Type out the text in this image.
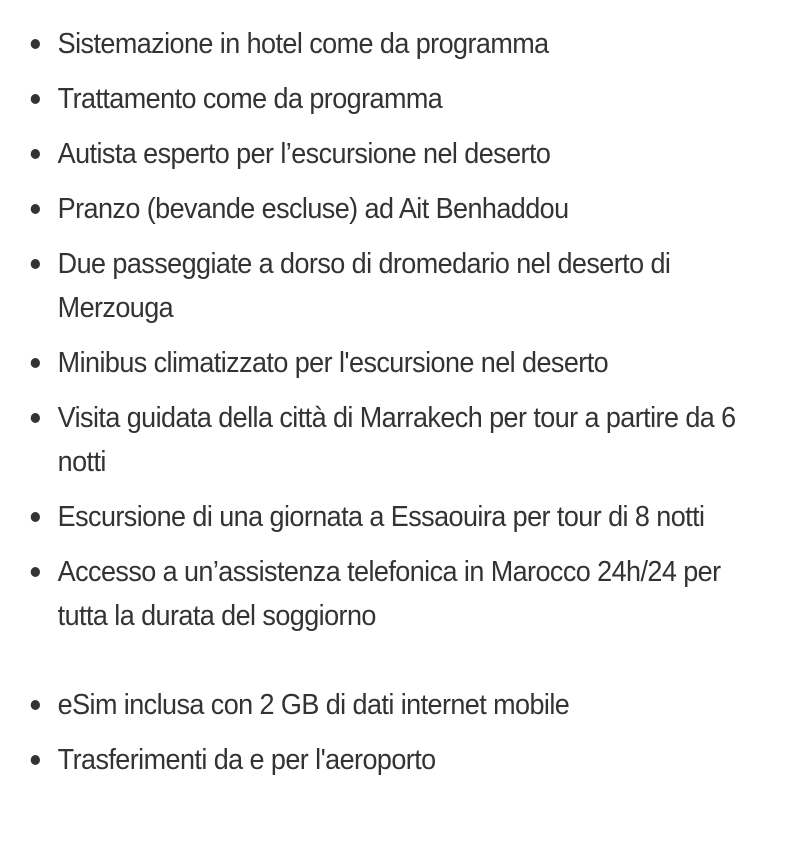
Sistemazione in hotel come da programma
Trattamento come da programma
Autista esperto per l’escursione nel deserto
Pranzo (bevande escluse) ad Ait Benhaddou
Due passeggiate a dorso di dromedario nel deserto di Merzouga
Minibus climatizzato per l'escursione nel deserto
Visita guidata della città di Marrakech per tour a partire da 6 notti
Escursione di una giornata a Essaouira per tour di 8 notti
Accesso a un’assistenza telefonica in Marocco 24h/24 per tutta la durata del soggiorno
eSim inclusa con 2 GB di dati internet mobile
Trasferimenti da e per l'aeroporto
